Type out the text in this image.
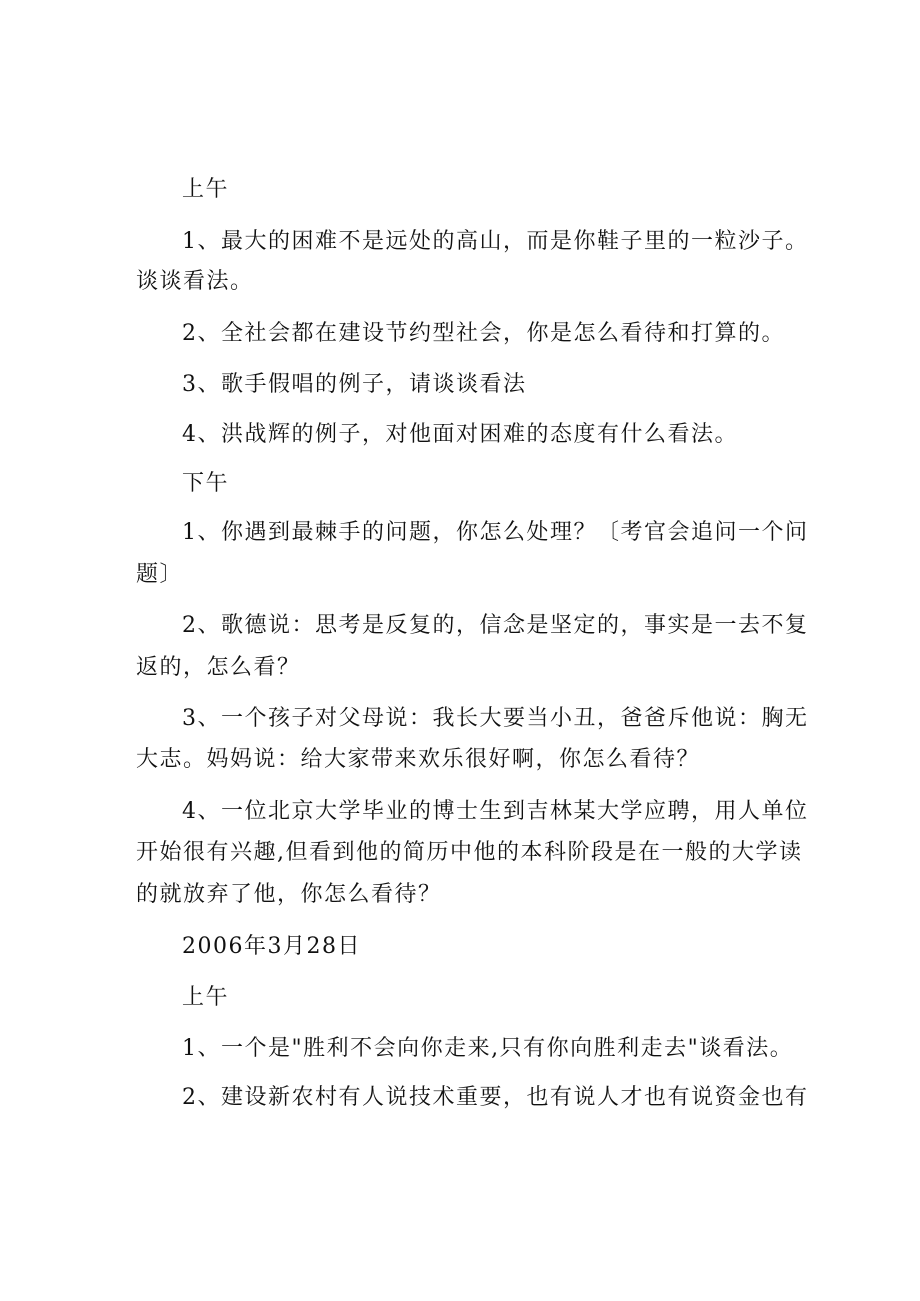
上午
1、最大的困难不是远处的高山，而是你鞋子里的一粒沙子。
谈谈看法。
2、全社会都在建设节约型社会，你是怎么看待和打算的。
3、歌手假唱的例子，请谈谈看法
4、洪战辉的例子，对他面对困难的态度有什么看法。
下午
1、你遇到最棘手的问题，你怎么处理？〔考官会追问一个问
题〕
2、歌德说：思考是反复的，信念是坚定的，事实是一去不复
返的，怎么看？
3、一个孩子对父母说：我长大要当小丑，爸爸斥他说：胸无
大志。妈妈说：给大家带来欢乐很好啊，你怎么看待？
4、一位北京大学毕业的博士生到吉林某大学应聘，用人单位
开始很有兴趣,但看到他的简历中他的本科阶段是在一般的大学读
的就放弃了他，你怎么看待？
2006年3月28日
上午
1、一个是"胜利不会向你走来,只有你向胜利走去"谈看法。
2、建设新农村有人说技术重要，也有说人才也有说资金也有
